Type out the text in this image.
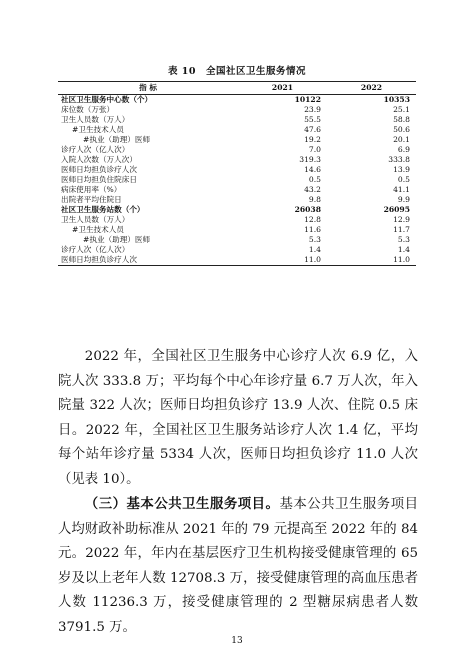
表 10 全国社区卫生服务情况
指 标	2021	2022
社区卫生服务中心数（个）	10122	10353
床位数（万张）	23.9	25.1
卫生人员数（万人）	55.5	58.8
#卫生技术人员	47.6	50.6
#执业（助理）医师	19.2	20.1
诊疗人次（亿人次）	7.0	6.9
入院人次数（万人次）	319.3	333.8
医师日均担负诊疗人次	14.6	13.9
医师日均担负住院床日	0.5	0.5
病床使用率（%）	43.2	41.1
出院者平均住院日	9.8	9.9
社区卫生服务站数（个）	26038	26095
卫生人员数（万人）	12.8	12.9
#卫生技术人员	11.6	11.7
#执业（助理）医师	5.3	5.3
诊疗人次（亿人次）	1.4	1.4
医师日均担负诊疗人次	11.0	11.0

2022 年，全国社区卫生服务中心诊疗人次 6.9 亿，入院人次 333.8 万；平均每个中心年诊疗量 6.7 万人次，年入院量 322 人次；医师日均担负诊疗 13.9 人次、住院 0.5 床日。2022 年，全国社区卫生服务站诊疗人次 1.4 亿，平均每个站年诊疗量 5334 人次，医师日均担负诊疗 11.0 人次（见表 10）。

（三）基本公共卫生服务项目。基本公共卫生服务项目人均财政补助标准从 2021 年的 79 元提高至 2022 年的 84 元。2022 年，年内在基层医疗卫生机构接受健康管理的 65 岁及以上老年人数 12708.3 万，接受健康管理的高血压患者人数 11236.3 万，接受健康管理的 2 型糖尿病患者人数 3791.5 万。

13
